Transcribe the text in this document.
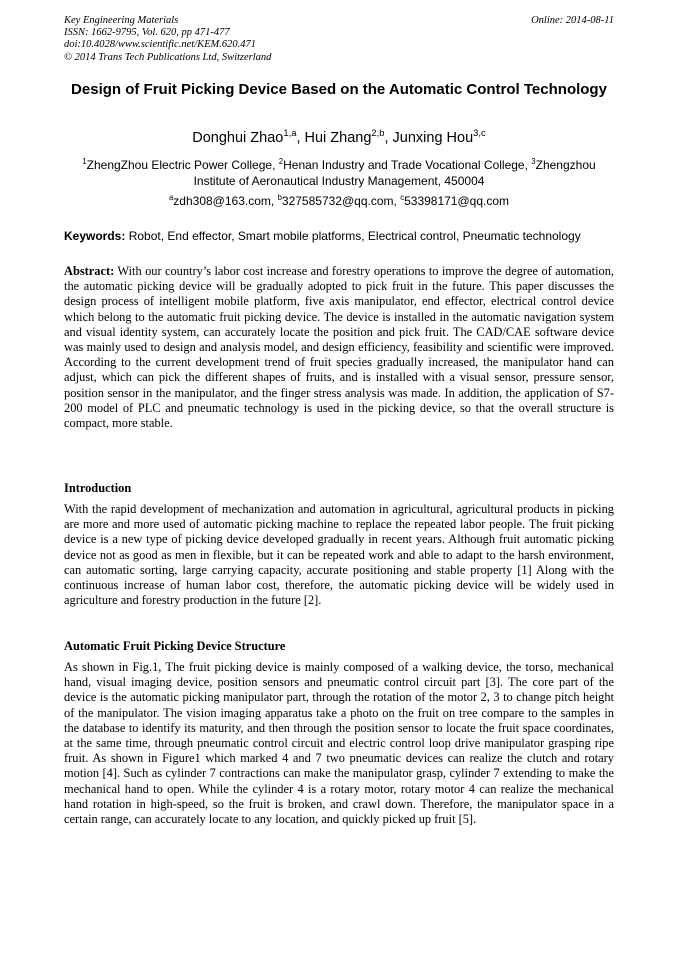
Key Engineering Materials
ISSN: 1662-9795, Vol. 620, pp 471-477
doi:10.4028/www.scientific.net/KEM.620.471
© 2014 Trans Tech Publications Ltd, Switzerland
Online: 2014-08-11
Design of Fruit Picking Device Based on the Automatic Control Technology
Donghui Zhao$^{1,a}$, Hui Zhang$^{2,b}$, Junxing Hou$^{3,c}$
$^1$ZhengZhou Electric Power College, $^2$Henan Industry and Trade Vocational College, $^3$Zhengzhou Institute of Aeronautical Industry Management, 450004
$^a$zdh308@163.com, $^b$327585732@qq.com, $^c$53398171@qq.com
Keywords: Robot, End effector, Smart mobile platforms, Electrical control, Pneumatic technology
Abstract: With our country’s labor cost increase and forestry operations to improve the degree of automation, the automatic picking device will be gradually adopted to pick fruit in the future. This paper discusses the design process of intelligent mobile platform, five axis manipulator, end effector, electrical control device which belong to the automatic fruit picking device. The device is installed in the automatic navigation system and visual identity system, can accurately locate the position and pick fruit. The CAD/CAE software device was mainly used to design and analysis model, and design efficiency, feasibility and scientific were improved. According to the current development trend of fruit species gradually increased, the manipulator hand can adjust, which can pick the different shapes of fruits, and is installed with a visual sensor, pressure sensor, position sensor in the manipulator, and the finger stress analysis was made. In addition, the application of S7-200 model of PLC and pneumatic technology is used in the picking device, so that the overall structure is compact, more stable.
Introduction
With the rapid development of mechanization and automation in agricultural, agricultural products in picking are more and more used of automatic picking machine to replace the repeated labor people. The fruit picking device is a new type of picking device developed gradually in recent years. Although fruit automatic picking device not as good as men in flexible, but it can be repeated work and able to adapt to the harsh environment, can automatic sorting, large carrying capacity, accurate positioning and stable property [1] Along with the continuous increase of human labor cost, therefore, the automatic picking device will be widely used in agriculture and forestry production in the future [2].
Automatic Fruit Picking Device Structure
As shown in Fig.1, The fruit picking device is mainly composed of a walking device, the torso, mechanical hand, visual imaging device, position sensors and pneumatic control circuit part [3]. The core part of the device is the automatic picking manipulator part, through the rotation of the motor 2, 3 to change pitch height of the manipulator. The vision imaging apparatus take a photo on the fruit on tree compare to the samples in the database to identify its maturity, and then through the position sensor to locate the fruit space coordinates, at the same time, through pneumatic control circuit and electric control loop drive manipulator grasping ripe fruit. As shown in Figure1 which marked 4 and 7 two pneumatic devices can realize the clutch and rotary motion [4]. Such as cylinder 7 contractions can make the manipulator grasp, cylinder 7 extending to make the mechanical hand to open. While the cylinder 4 is a rotary motor, rotary motor 4 can realize the mechanical hand rotation in high-speed, so the fruit is broken, and crawl down. Therefore, the manipulator space in a certain range, can accurately locate to any location, and quickly picked up fruit [5].
